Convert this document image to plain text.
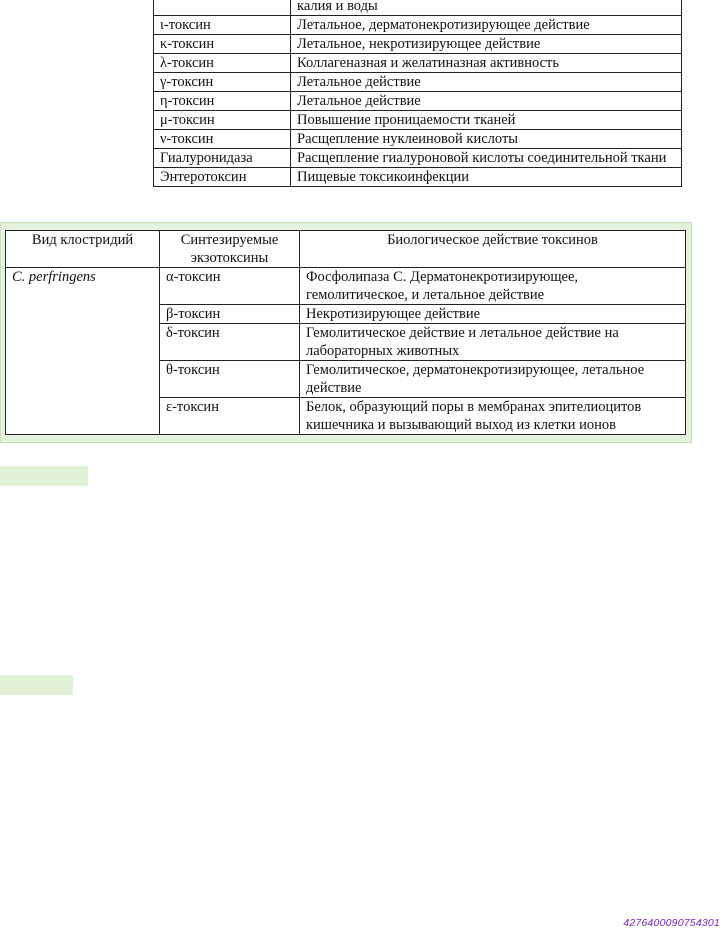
	калия и воды
ι-токсин	Летальное, дерматонекротизирующее действие
κ-токсин	Летальное, некротизирующее действие
λ-токсин	Коллагеназная и желатиназная активность
γ-токсин	Летальное действие
η-токсин	Летальное действие
μ-токсин	Повышение проницаемости тканей
ν-токсин	Расщепление нуклеиновой кислоты
Гиалуронидаза	Расщепление гиалуроновой кислоты соединительной ткани
Энтеротоксин	Пищевые токсикоинфекции
Вид клостридий	Синтезируемые экзотоксины	Биологическое действие токсинов
C. perfringens	α-токсин	Фосфолипаза С. Дерматонекротизирующее, гемолитическое, и летальное действие
	β-токсин	Некротизирующее действие
	δ-токсин	Гемолитическое действие и летальное действие на лабораторных животных
	θ-токсин	Гемолитическое, дерматонекротизирующее, летальное действие
	ε-токсин	Белок, образующий поры в мембранах эпителиоцитов кишечника и вызывающий выход из клетки ионов
4276400090754301
